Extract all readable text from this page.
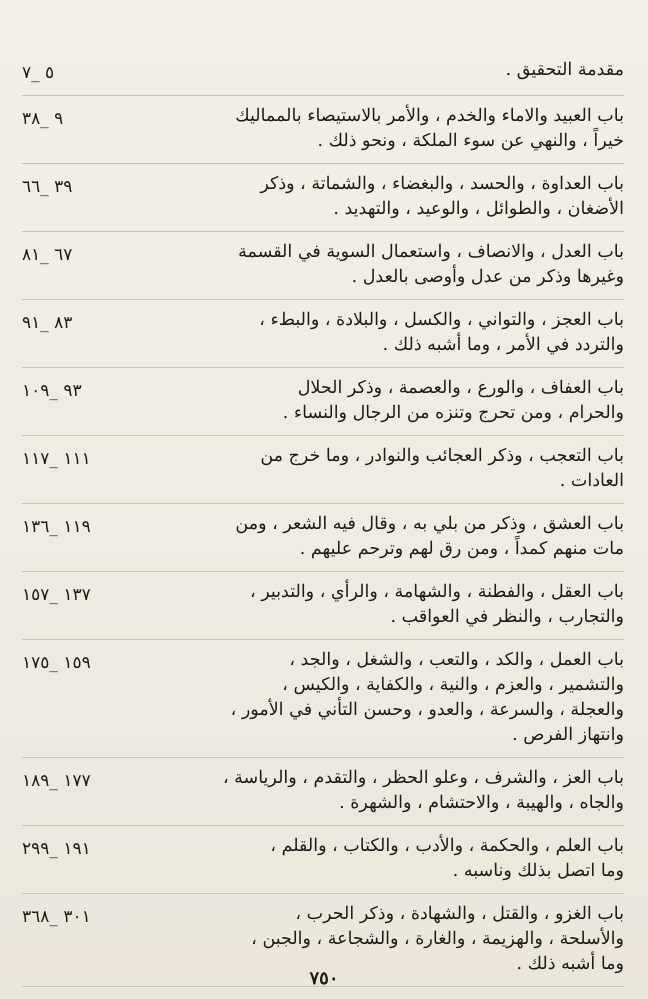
مقدمة التحقيق .
٥ _٧
باب العبيد والاماء والخدم ، والأمر بالاستيصاء بالمماليك
خيراً ، والنهي عن سوء الملكة ، ونحو ذلك .
٩ _٣٨
باب العداوة ، والحسد ، والبغضاء ، والشماتة ، وذكر
الأضغان ، والطوائل ، والوعيد ، والتهديد .
٣٩ _٦٦
باب العدل ، والانصاف ، واستعمال السوية في القسمة
وغيرها وذكر من عدل وأوصى بالعدل .
٦٧ _٨١
باب العجز ، والتواني ، والكسل ، والبلادة ، والبطء ،
والتردد في الأمر ، وما أشبه ذلك .
٨٣ _٩١
باب العفاف ، والورع ، والعصمة ، وذكر الحلال
والحرام ، ومن تحرج وتنزه من الرجال والنساء .
٩٣ _١٠٩
باب التعجب ، وذكر العجائب والنوادر ، وما خرج من
العادات .
١١١ _١١٧
باب العشق ، وذكر من بلي به ، وقال فيه الشعر ، ومن
مات منهم كمداً ، ومن رق لهم وترحم عليهم .
١١٩ _١٣٦
باب العقل ، والفطنة ، والشهامة ، والرأي ، والتدبير ،
والتجارب ، والنظر في العواقب .
١٣٧ _١٥٧
باب العمل ، والكد ، والتعب ، والشغل ، والجد ،
والتشمير ، والعزم ، والنية ، والكفاية ، والكيس ،
والعجلة ، والسرعة ، والعدو ، وحسن التأني في الأمور ،
وانتهاز الفرص .
١٥٩ _١٧٥
باب العز ، والشرف ، وعلو الحظر ، والتقدم ، والرياسة ،
والجاه ، والهيبة ، والاحتشام ، والشهرة .
١٧٧ _١٨٩
باب العلم ، والحكمة ، والأدب ، والكتاب ، والقلم ،
وما اتصل بذلك وناسبه .
١٩١ _٢٩٩
باب الغزو ، والقتل ، والشهادة ، وذكر الحرب ،
والأسلحة ، والهزيمة ، والغارة ، والشجاعة ، والجبن ،
وما أشبه ذلك .
٣٠١ _٣٦٨
٧٥٠
